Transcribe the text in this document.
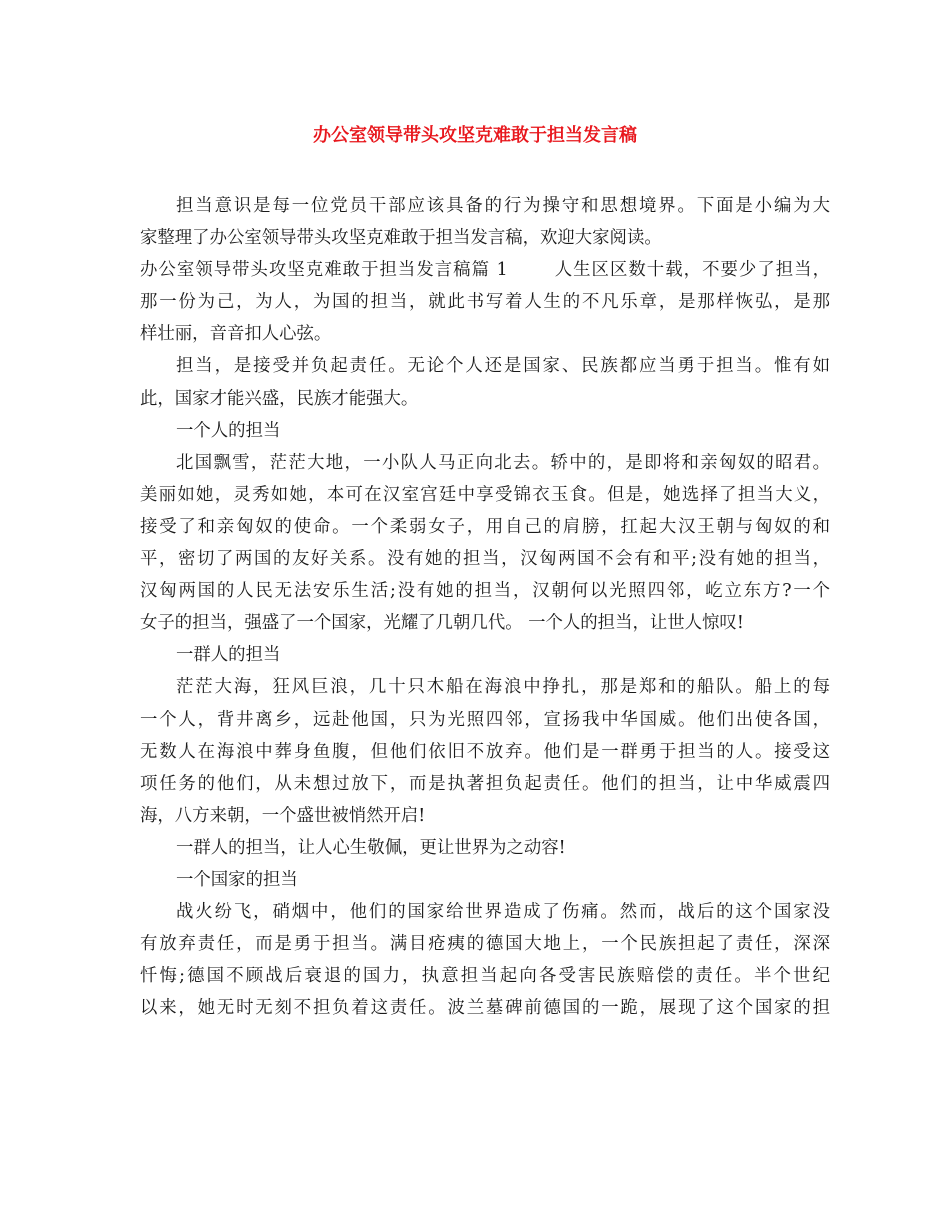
办公室领导带头攻坚克难敢于担当发言稿

担当意识是每一位党员干部应该具备的行为操守和思想境界。下面是小编为大

家整理了办公室领导带头攻坚克难敢于担当发言稿，欢迎大家阅读。

办公室领导带头攻坚克难敢于担当发言稿篇 1	人生区区数十载，不要少了担当，

那一份为己，为人，为国的担当，就此书写着人生的不凡乐章，是那样恢弘，是那

样壮丽，音音扣人心弦。

担当，是接受并负起责任。无论个人还是国家、民族都应当勇于担当。惟有如

此，国家才能兴盛，民族才能强大。

一个人的担当

北国飘雪，茫茫大地，一小队人马正向北去。轿中的，是即将和亲匈奴的昭君。

美丽如她，灵秀如她，本可在汉室宫廷中享受锦衣玉食。但是，她选择了担当大义，

接受了和亲匈奴的使命。一个柔弱女子，用自己的肩膀，扛起大汉王朝与匈奴的和

平，密切了两国的友好关系。没有她的担当，汉匈两国不会有和平;没有她的担当，

汉匈两国的人民无法安乐生活;没有她的担当，汉朝何以光照四邻，屹立东方?一个

女子的担当，强盛了一个国家，光耀了几朝几代。 一个人的担当，让世人惊叹!

一群人的担当

茫茫大海，狂风巨浪，几十只木船在海浪中挣扎，那是郑和的船队。船上的每

一个人，背井离乡，远赴他国，只为光照四邻，宣扬我中华国威。他们出使各国，

无数人在海浪中葬身鱼腹，但他们依旧不放弃。他们是一群勇于担当的人。接受这

项任务的他们，从未想过放下，而是执著担负起责任。他们的担当，让中华威震四

海，八方来朝，一个盛世被悄然开启!

一群人的担当，让人心生敬佩，更让世界为之动容!

一个国家的担当

战火纷飞，硝烟中，他们的国家给世界造成了伤痛。然而，战后的这个国家没

有放弃责任，而是勇于担当。满目疮痍的德国大地上，一个民族担起了责任，深深

忏悔;德国不顾战后衰退的国力，执意担当起向各受害民族赔偿的责任。半个世纪

以来，她无时无刻不担负着这责任。波兰墓碑前德国的一跪，展现了这个国家的担
